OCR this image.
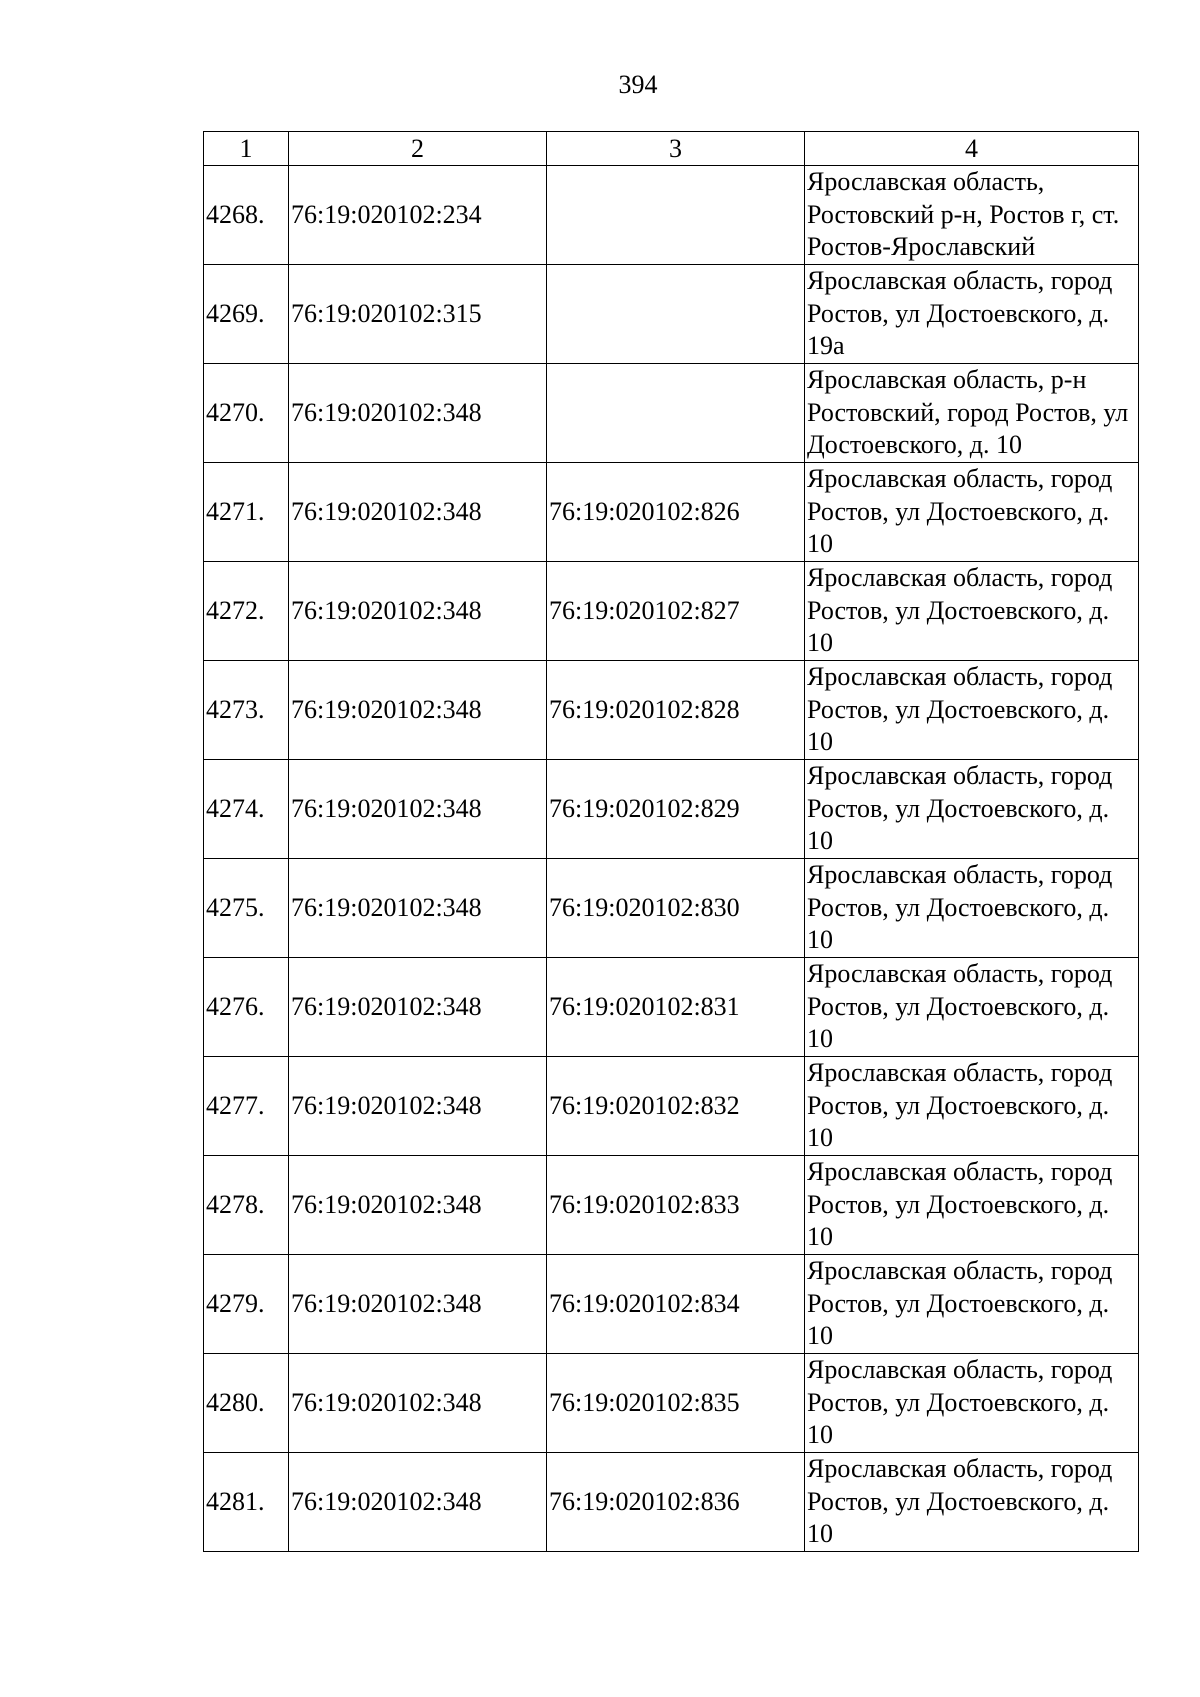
394
1	2	3	4
4268.	76:19:020102:234		Ярославская область, Ростовский р-н, Ростов г, ст. Ростов-Ярославский
4269.	76:19:020102:315		Ярославская область, город Ростов, ул Достоевского, д. 19а
4270.	76:19:020102:348		Ярославская область, р-н Ростовский, город Ростов, ул Достоевского, д. 10
4271.	76:19:020102:348	76:19:020102:826	Ярославская область, город Ростов, ул Достоевского, д. 10
4272.	76:19:020102:348	76:19:020102:827	Ярославская область, город Ростов, ул Достоевского, д. 10
4273.	76:19:020102:348	76:19:020102:828	Ярославская область, город Ростов, ул Достоевского, д. 10
4274.	76:19:020102:348	76:19:020102:829	Ярославская область, город Ростов, ул Достоевского, д. 10
4275.	76:19:020102:348	76:19:020102:830	Ярославская область, город Ростов, ул Достоевского, д. 10
4276.	76:19:020102:348	76:19:020102:831	Ярославская область, город Ростов, ул Достоевского, д. 10
4277.	76:19:020102:348	76:19:020102:832	Ярославская область, город Ростов, ул Достоевского, д. 10
4278.	76:19:020102:348	76:19:020102:833	Ярославская область, город Ростов, ул Достоевского, д. 10
4279.	76:19:020102:348	76:19:020102:834	Ярославская область, город Ростов, ул Достоевского, д. 10
4280.	76:19:020102:348	76:19:020102:835	Ярославская область, город Ростов, ул Достоевского, д. 10
4281.	76:19:020102:348	76:19:020102:836	Ярославская область, город Ростов, ул Достоевского, д. 10
